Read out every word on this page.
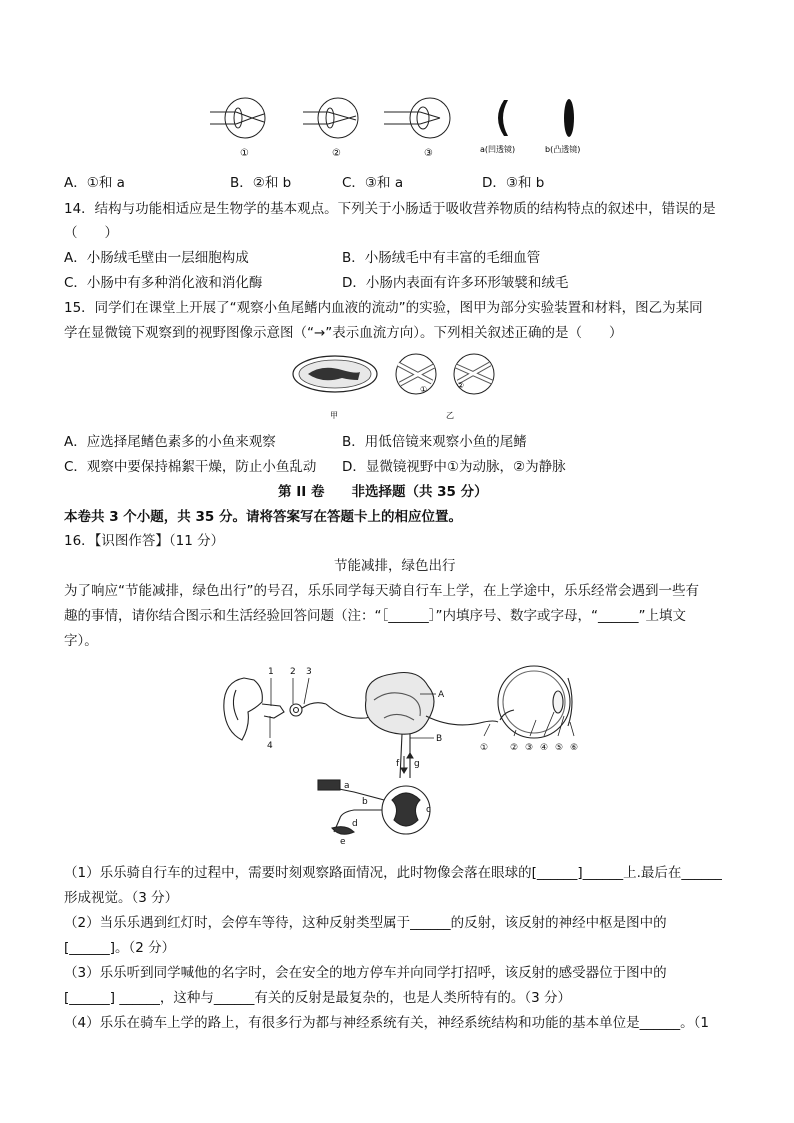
①	②	③	a(凹透镜)	b(凸透镜)
A．①和 a	B．②和 b	C．③和 a	D．③和 b
14．结构与功能相适应是生物学的基本观点。下列关于小肠适于吸收营养物质的结构特点的叙述中，错误的是
（　　）
A．小肠绒毛壁由一层细胞构成	B．小肠绒毛中有丰富的毛细血管
C．小肠中有多种消化液和消化酶	D．小肠内表面有许多环形皱襞和绒毛
15．同学们在课堂上开展了“观察小鱼尾鳍内血液的流动”的实验，图甲为部分实验装置和材料，图乙为某同
学在显微镜下观察到的视野图像示意图（“→”表示血流方向）。下列相关叙述正确的是（　　）
甲
①	②
乙
A．应选择尾鳍色素多的小鱼来观察	B．用低倍镜来观察小鱼的尾鳍
C．观察中要保持棉絮干燥，防止小鱼乱动 D．显微镜视野中①为动脉，②为静脉
第 II 卷　　非选择题（共 35 分）
本卷共 3 个小题，共 35 分。请将答案写在答题卡上的相应位置。
16．【识图作答】（11 分）
节能减排，绿色出行
为了响应“节能减排，绿色出行”的号召，乐乐同学每天骑自行车上学，在上学途中，乐乐经常会遇到一些有
趣的事情，请你结合图示和生活经验回答问题（注：“［______］”内填序号、数字或字母，“______”上填文
字）。
1 2 3
4
A
B
① ② ③ ④ ⑤ ⑥
a
b
c
d
e
f g
（1）乐乐骑自行车的过程中，需要时刻观察路面情况，此时物像会落在眼球的[______]______上.最后在______
形成视觉。（3 分）
（2）当乐乐遇到红灯时，会停车等待，这种反射类型属于______的反射，该反射的神经中枢是图中的
[______]。（2 分）
（3）乐乐听到同学喊他的名字时，会在安全的地方停车并向同学打招呼，该反射的感受器位于图中的
[______] ______，这种与______有关的反射是最复杂的，也是人类所特有的。（3 分）
（4）乐乐在骑车上学的路上，有很多行为都与神经系统有关，神经系统结构和功能的基本单位是______。（1
